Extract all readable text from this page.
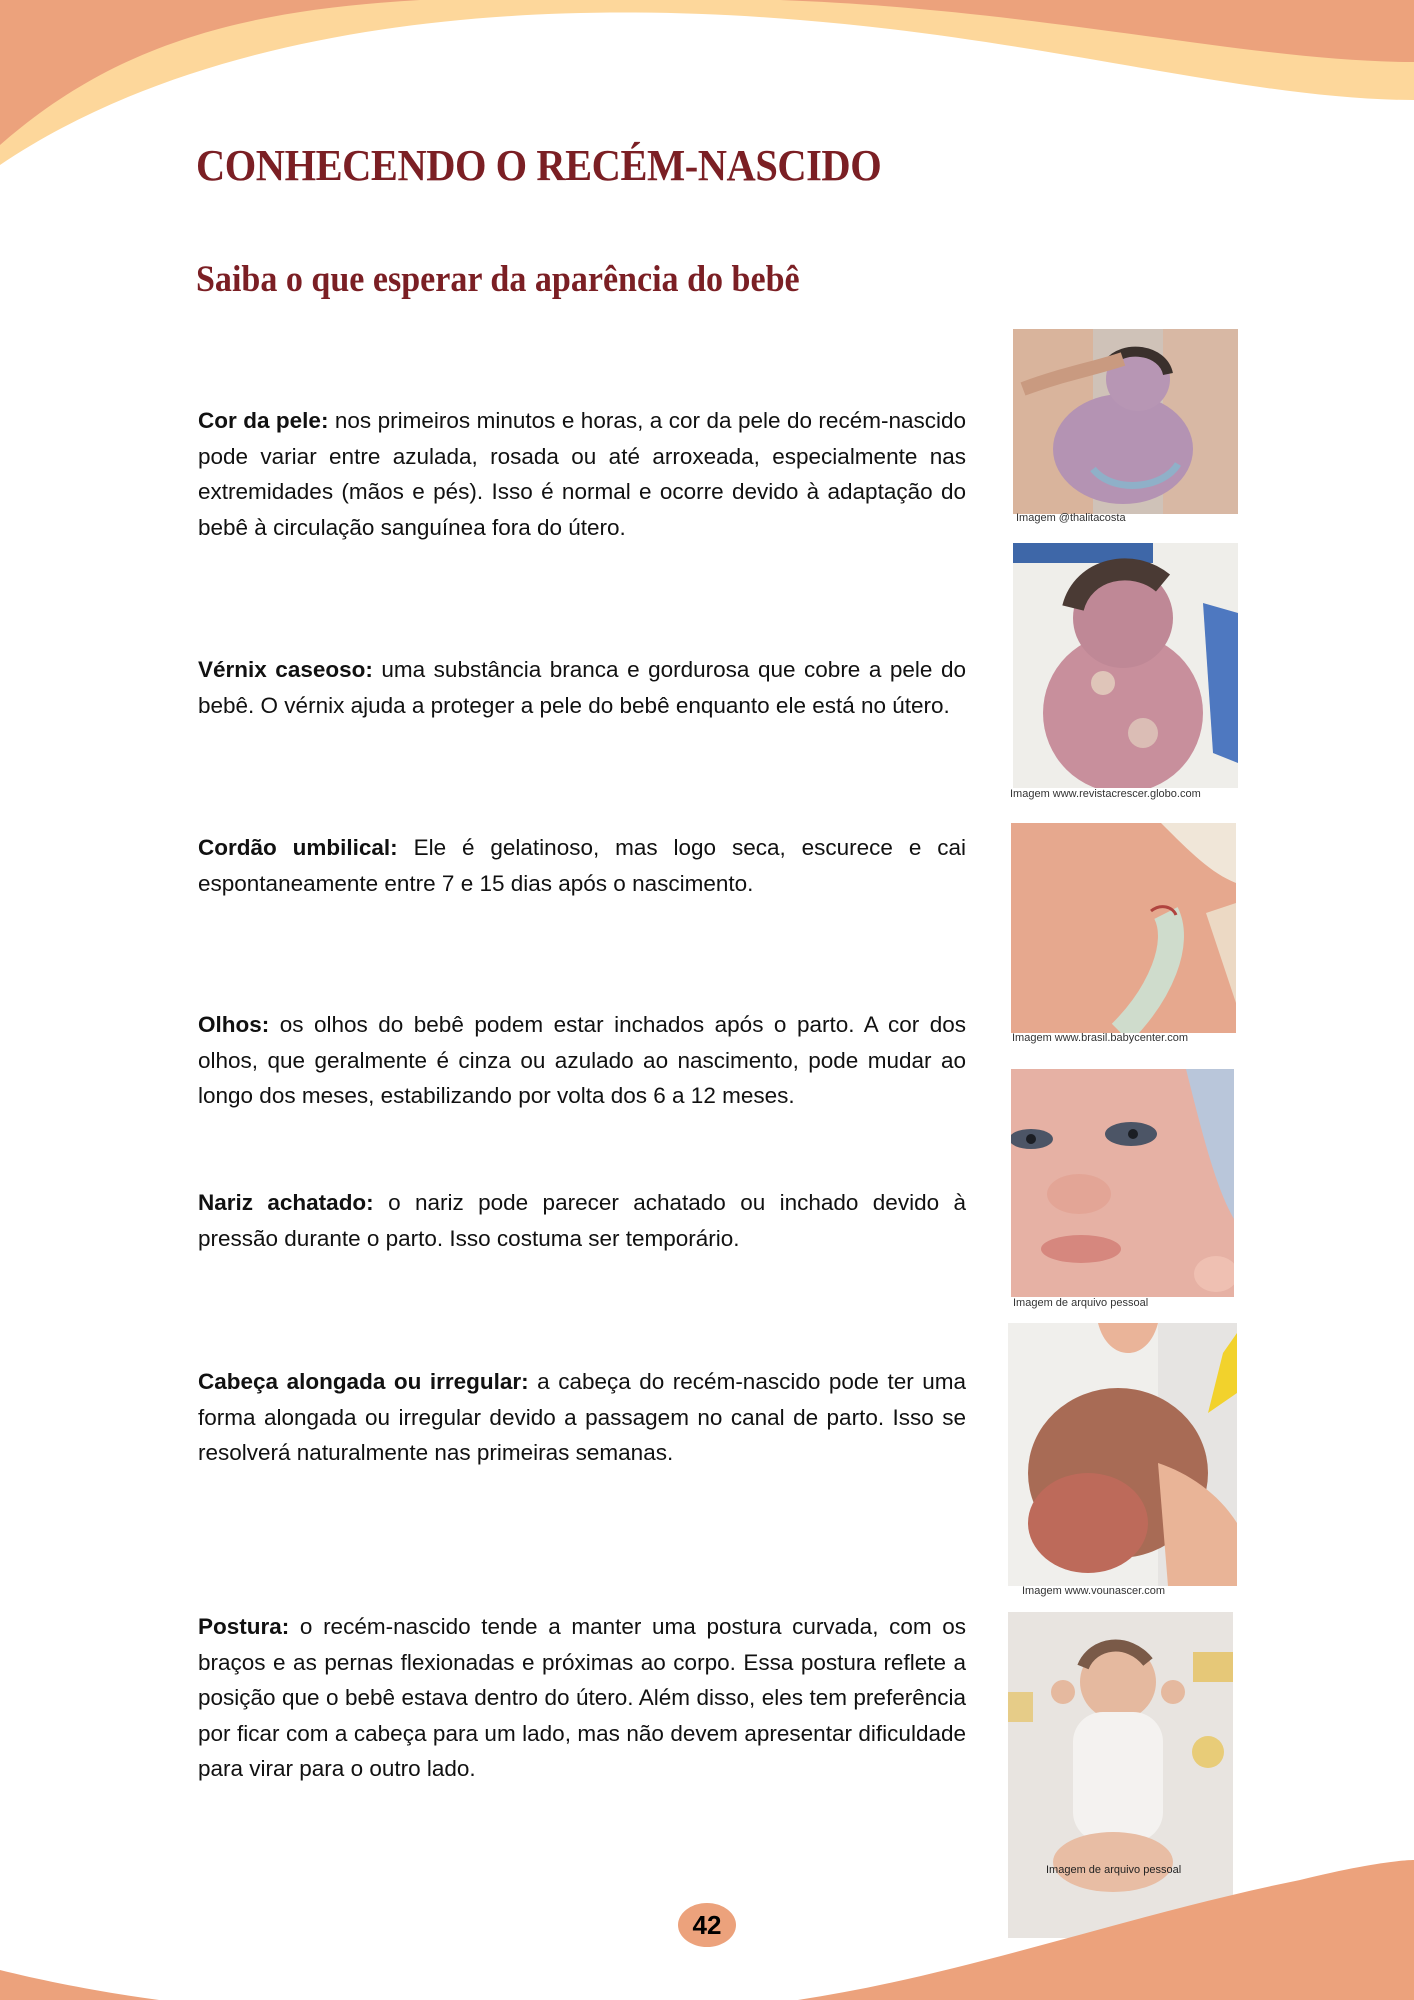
CONHECENDO O RECÉM-NASCIDO
Saiba o que esperar da aparência do bebê

Cor da pele: nos primeiros minutos e horas, a cor da pele do recém-nascido pode variar entre azulada, rosada ou até arroxeada, especialmente nas extremidades (mãos e pés). Isso é normal e ocorre devido à adaptação do bebê à circulação sanguínea fora do útero.

Vérnix caseoso: uma substância branca e gordurosa que cobre a pele do bebê. O vérnix ajuda a proteger a pele do bebê enquanto ele está no útero.

Cordão umbilical: Ele é gelatinoso, mas logo seca, escurece e cai espontaneamente entre 7 e 15 dias após o nascimento.

Olhos: os olhos do bebê podem estar inchados após o parto. A cor dos olhos, que geralmente é cinza ou azulado ao nascimento, pode mudar ao longo dos meses, estabilizando por volta dos 6 a 12 meses.

Nariz achatado: o nariz pode parecer achatado ou inchado devido à pressão durante o parto. Isso costuma ser temporário.

Cabeça alongada ou irregular: a cabeça do recém-nascido pode ter uma forma alongada ou irregular devido a passagem no canal de parto. Isso se resolverá naturalmente nas primeiras semanas.

Postura: o recém-nascido tende a manter uma postura curvada, com os braços e as pernas flexionadas e próximas ao corpo. Essa postura reflete a posição que o bebê estava dentro do útero. Além disso, eles tem preferência por ficar com a cabeça para um lado, mas não devem apresentar dificuldade para virar para o outro lado.

Imagem @thalitacosta
Imagem www.revistacrescer.globo.com
Imagem www.brasil.babycenter.com
Imagem de arquivo pessoal
Imagem www.vounascer.com
Imagem de arquivo pessoal
42
